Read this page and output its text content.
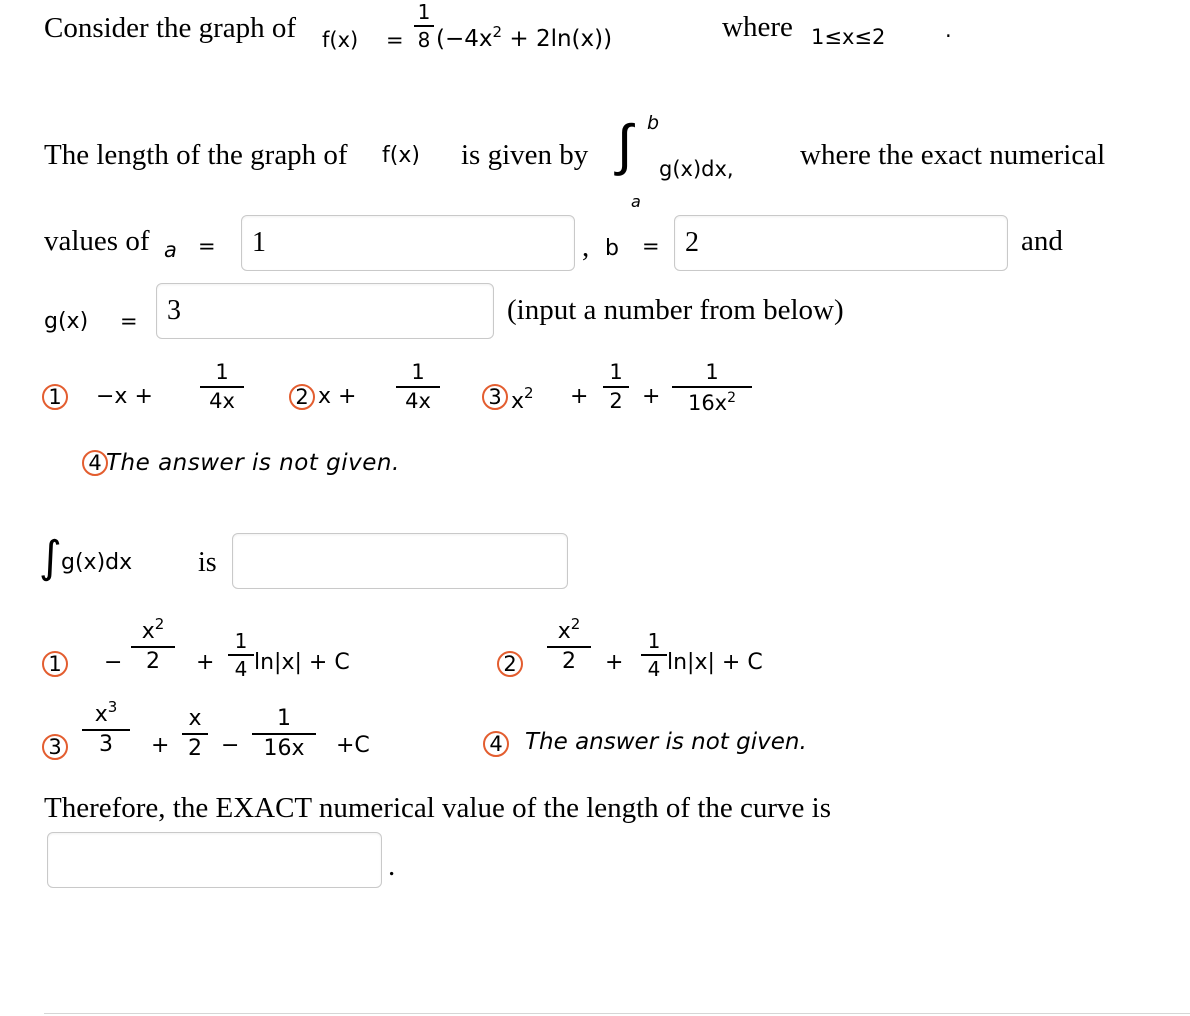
Consider the graph of f(x) =
1
8 $(-4x^2 + 2\ln(x))$	where 1≤x≤2	·
The length of the graph of f(x) is given by ∫ b
a
g(x)dx, where the exact numerical
values of a =
1	, b =
2	and
g(x) =
3	(input a number from below)
1 −x +
1
4x	2 x +
1
4x	3 $x^2$ +
1
2 +
1
$16x^2$
4 The answer is not given.
∫ g(x)dx is
1 −
$x^2$
2	+
1
4 ln|x| + C	2
$x^2$
2	+
1
4 ln|x| + C
3
$x^3$
3	+
x
2 −
1
16x	+C	4 The answer is not given.
Therefore, the EXACT numerical value of the length of the curve is
.
